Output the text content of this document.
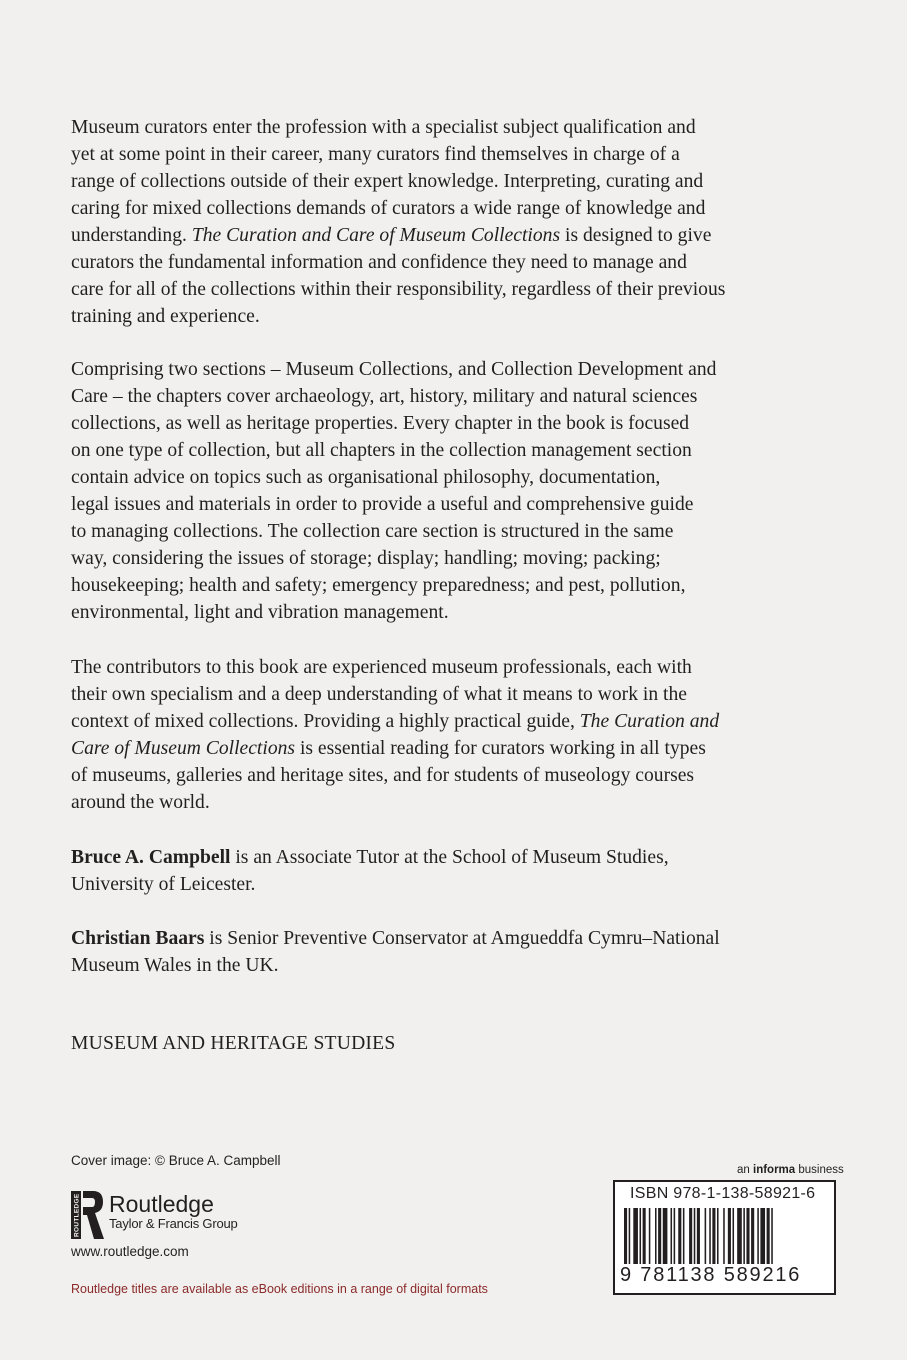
Museum curators enter the profession with a specialist subject qualification and
yet at some point in their career, many curators find themselves in charge of a
range of collections outside of their expert knowledge. Interpreting, curating and
caring for mixed collections demands of curators a wide range of knowledge and
understanding. The Curation and Care of Museum Collections is designed to give
curators the fundamental information and confidence they need to manage and
care for all of the collections within their responsibility, regardless of their previous
training and experience.

Comprising two sections – Museum Collections, and Collection Development and
Care – the chapters cover archaeology, art, history, military and natural sciences
collections, as well as heritage properties. Every chapter in the book is focused
on one type of collection, but all chapters in the collection management section
contain advice on topics such as organisational philosophy, documentation,
legal issues and materials in order to provide a useful and comprehensive guide
to managing collections. The collection care section is structured in the same
way, considering the issues of storage; display; handling; moving; packing;
housekeeping; health and safety; emergency preparedness; and pest, pollution,
environmental, light and vibration management.

The contributors to this book are experienced museum professionals, each with
their own specialism and a deep understanding of what it means to work in the
context of mixed collections. Providing a highly practical guide, The Curation and
Care of Museum Collections is essential reading for curators working in all types
of museums, galleries and heritage sites, and for students of museology courses
around the world.

Bruce A. Campbell is an Associate Tutor at the School of Museum Studies,
University of Leicester.

Christian Baars is Senior Preventive Conservator at Amgueddfa Cymru–National
Museum Wales in the UK.

MUSEUM AND HERITAGE STUDIES

Cover image: © Bruce A. Campbell
ROUTLEDGE Routledge
Taylor & Francis Group
www.routledge.com
Routledge titles are available as eBook editions in a range of digital formats
an informa business
ISBN 978-1-138-58921-6
9 781138 589216
